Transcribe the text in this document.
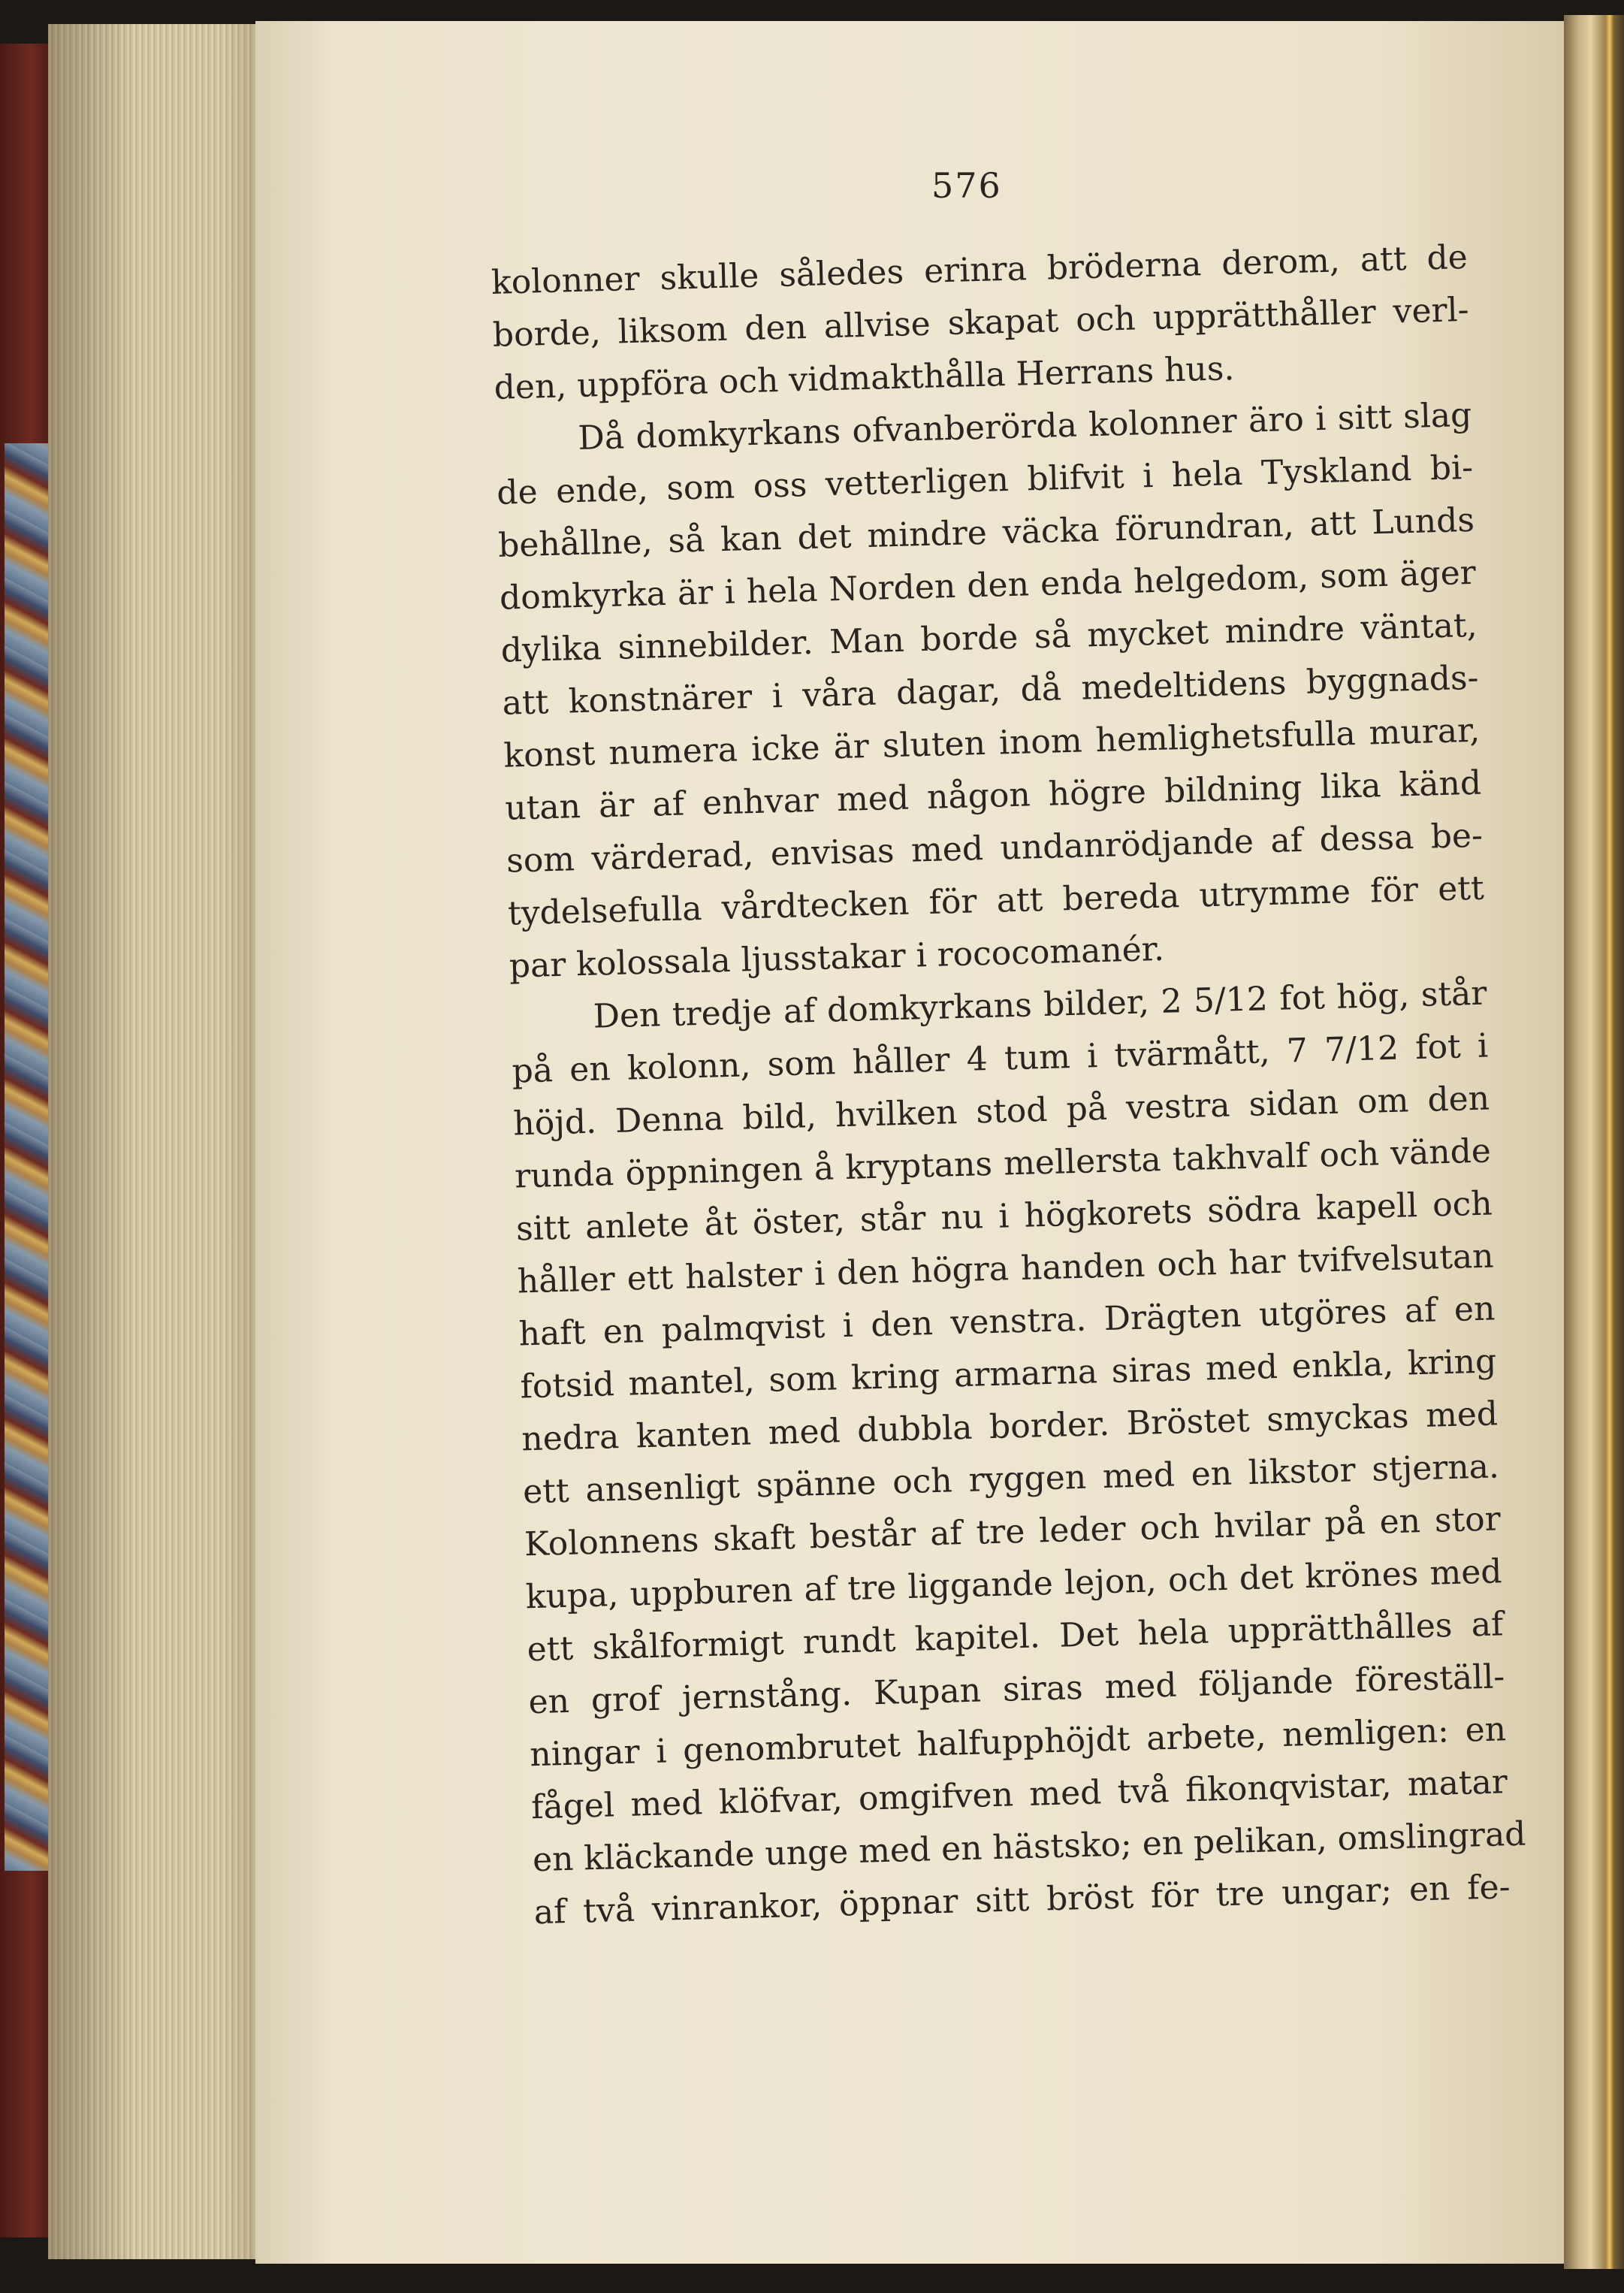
576
kolonner skulle således erinra bröderna derom, att de
borde, liksom den allvise skapat och upprätthåller verl-
den, uppföra och vidmakthålla Herrans hus.
Då domkyrkans ofvanberörda kolonner äro i sitt slag
de ende, som oss vetterligen blifvit i hela Tyskland bi-
behållne, så kan det mindre väcka förundran, att Lunds
domkyrka är i hela Norden den enda helgedom, som äger
dylika sinnebilder. Man borde så mycket mindre väntat,
att konstnärer i våra dagar, då medeltidens byggnads-
konst numera icke är sluten inom hemlighetsfulla murar,
utan är af enhvar med någon högre bildning lika känd
som värderad, envisas med undanrödjande af dessa be-
tydelsefulla vårdtecken för att bereda utrymme för ett
par kolossala ljusstakar i rococomanér.
Den tredje af domkyrkans bilder, 2 5/12 fot hög, står
på en kolonn, som håller 4 tum i tvärmått, 7 7/12 fot i
höjd. Denna bild, hvilken stod på vestra sidan om den
runda öppningen å kryptans mellersta takhvalf och vände
sitt anlete åt öster, står nu i högkorets södra kapell och
håller ett halster i den högra handen och har tvifvelsutan
haft en palmqvist i den venstra. Drägten utgöres af en
fotsid mantel, som kring armarna siras med enkla, kring
nedra kanten med dubbla border. Bröstet smyckas med
ett ansenligt spänne och ryggen med en likstor stjerna.
Kolonnens skaft består af tre leder och hvilar på en stor
kupa, uppburen af tre liggande lejon, och det krönes med
ett skålformigt rundt kapitel. Det hela upprätthålles af
en grof jernstång. Kupan siras med följande föreställ-
ningar i genombrutet halfupphöjdt arbete, nemligen: en
fågel med klöfvar, omgifven med två fikonqvistar, matar
en kläckande unge med en hästsko; en pelikan, omslingrad
af två vinrankor, öppnar sitt bröst för tre ungar; en fe-
